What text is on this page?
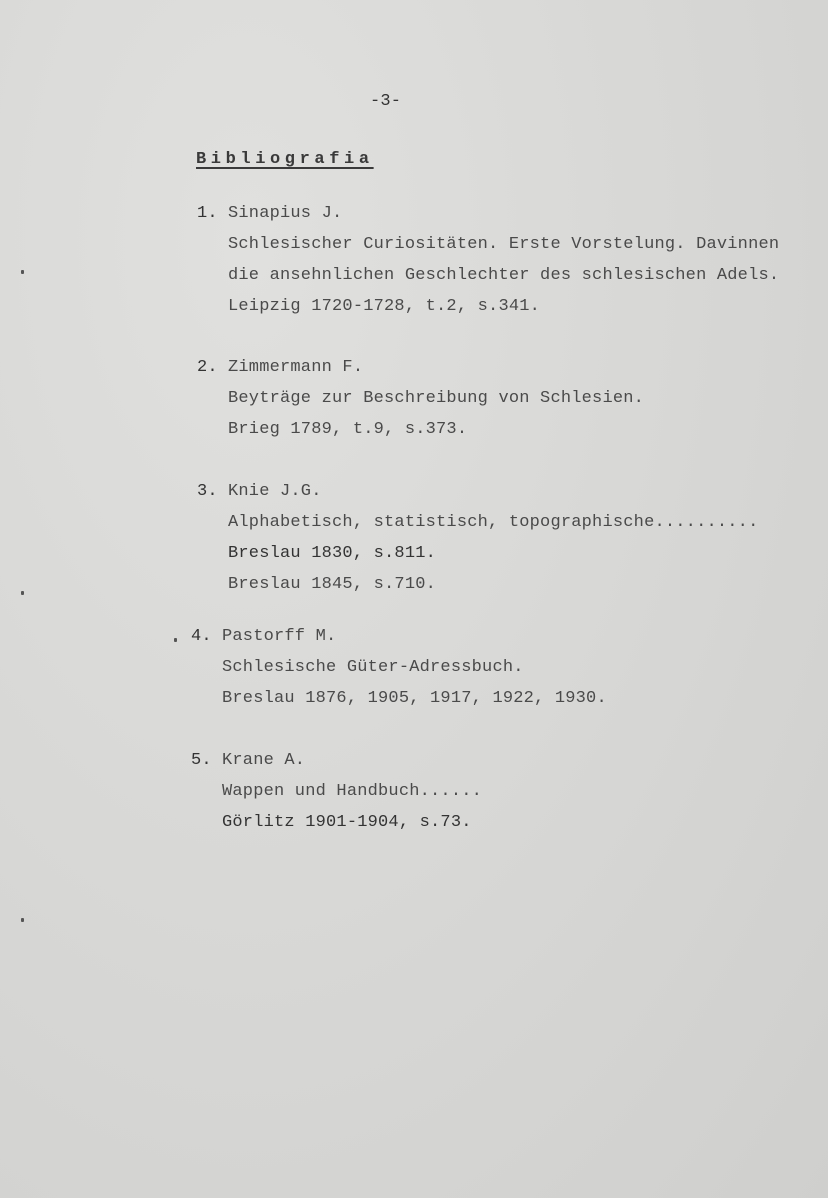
-3-
Bibliografia
1. Sinapius J.
Schlesischer Curiositäten. Erste Vorstelung. Davinnen
die ansehnlichen Geschlechter des schlesischen Adels.
Leipzig 1720-1728, t.2, s.341.
2. Zimmermann F.
Beyträge zur Beschreibung von Schlesien.
Brieg 1789, t.9, s.373.
3. Knie J.G.
Alphabetisch, statistisch, topographische..........
Breslau 1830, s.811.
Breslau 1845, s.710.
4. Pastorff M.
Schlesische Güter-Adressbuch.
Breslau 1876, 1905, 1917, 1922, 1930.
5. Krane A.
Wappen und Handbuch......
Görlitz 1901-1904, s.73.
